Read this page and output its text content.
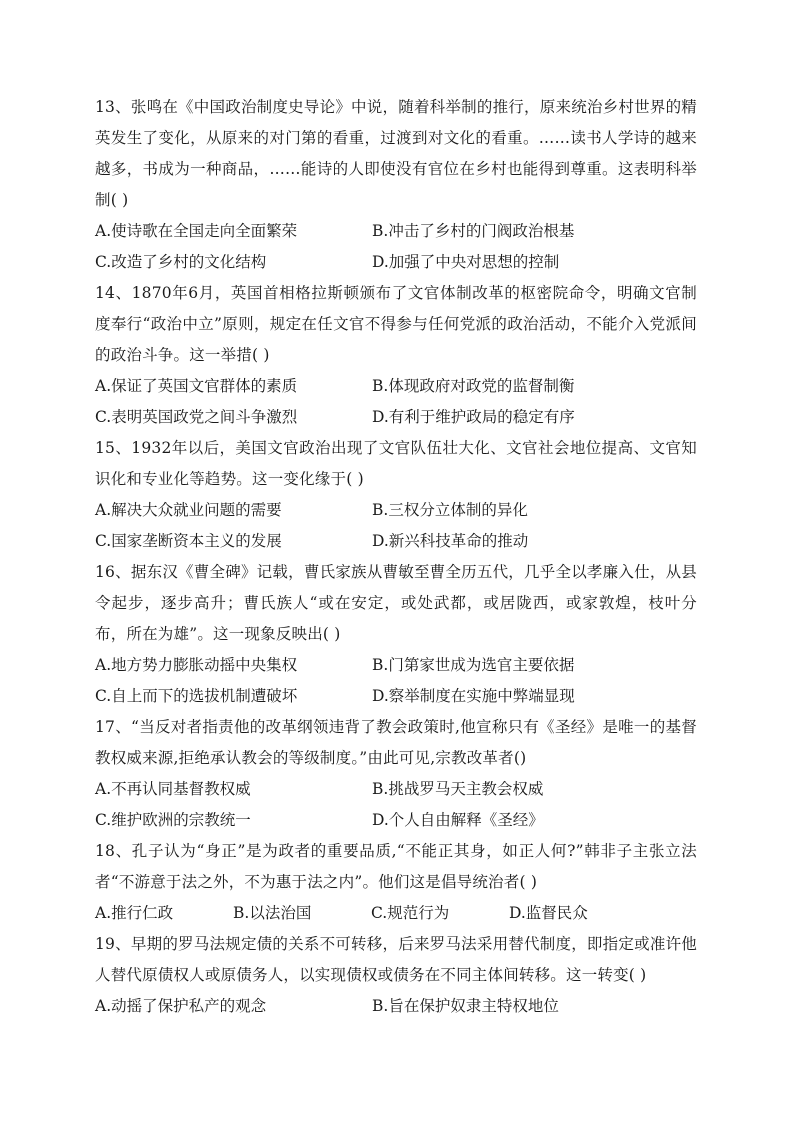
13、张鸣在《中国政治制度史导论》中说，随着科举制的推行，原来统治乡村世界的精英发生了变化，从原来的对门第的看重，过渡到对文化的看重。……读书人学诗的越来越多，书成为一种商品，……能诗的人即使没有官位在乡村也能得到尊重。这表明科举制( )

A.使诗歌在全国走向全面繁荣	B.冲击了乡村的门阀政治根基
C.改造了乡村的文化结构	D.加强了中央对思想的控制

14、1870年6月，英国首相格拉斯顿颁布了文官体制改革的枢密院命令，明确文官制度奉行“政治中立”原则，规定在任文官不得参与任何党派的政治活动，不能介入党派间的政治斗争。这一举措( )

A.保证了英国文官群体的素质	B.体现政府对政党的监督制衡
C.表明英国政党之间斗争激烈	D.有利于维护政局的稳定有序

15、1932年以后，美国文官政治出现了文官队伍壮大化、文官社会地位提高、文官知识化和专业化等趋势。这一变化缘于( )

A.解决大众就业问题的需要	B.三权分立体制的异化
C.国家垄断资本主义的发展	D.新兴科技革命的推动

16、据东汉《曹全碑》记载，曹氏家族从曹敏至曹全历五代，几乎全以孝廉入仕，从县令起步，逐步高升；曹氏族人“或在安定，或处武都，或居陇西，或家敦煌，枝叶分布，所在为雄”。这一现象反映出( )

A.地方势力膨胀动摇中央集权	B.门第家世成为选官主要依据
C.自上而下的选拔机制遭破坏	D.察举制度在实施中弊端显现

17、“当反对者指责他的改革纲领违背了教会政策时,他宣称只有《圣经》是唯一的基督教权威来源,拒绝承认教会的等级制度。”由此可见,宗教改革者()

A.不再认同基督教权威	B.挑战罗马天主教会权威
C.维护欧洲的宗教统一	D.个人自由解释《圣经》

18、孔子认为“身正”是为政者的重要品质,“不能正其身，如正人何?”韩非子主张立法者“不游意于法之外，不为惠于法之内”。他们这是倡导统治者( )

A.推行仁政	B.以法治国	C.规范行为	D.监督民众

19、早期的罗马法规定债的关系不可转移，后来罗马法采用替代制度，即指定或准许他人替代原债权人或原债务人，以实现债权或债务在不同主体间转移。这一转变( )

A.动摇了保护私产的观念	B.旨在保护奴隶主特权地位
